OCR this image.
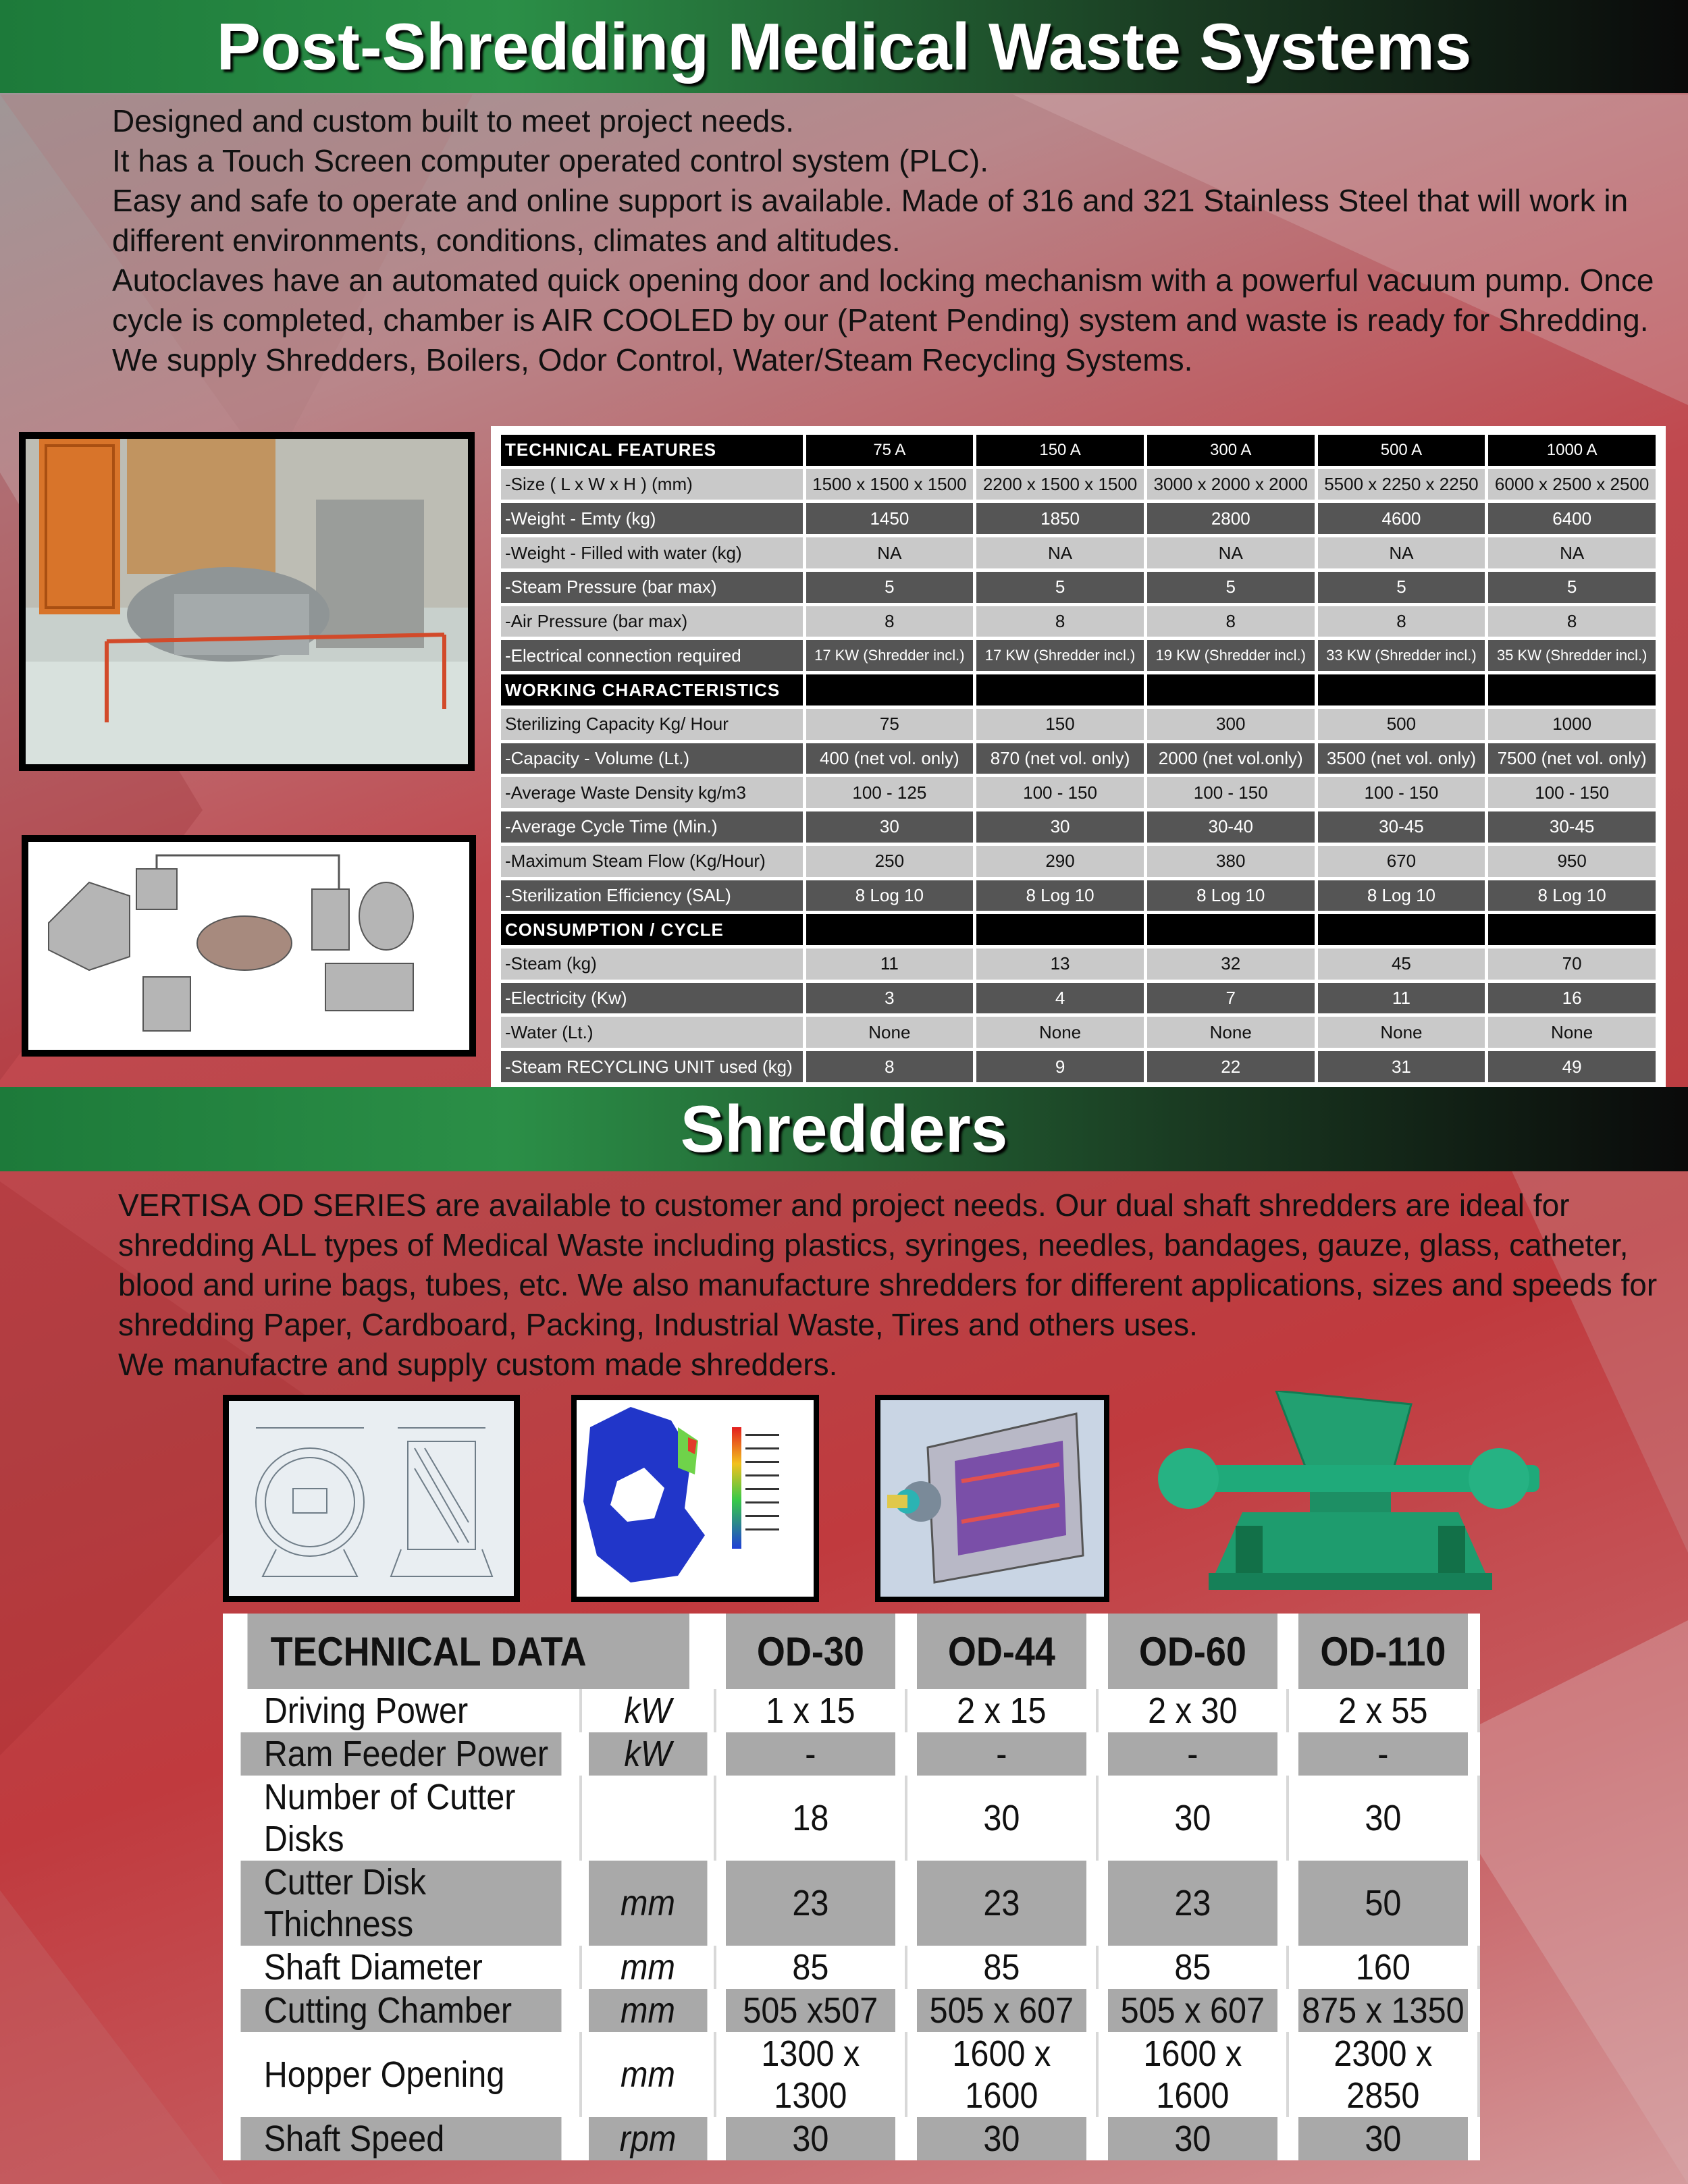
Post-Shredding Medical Waste Systems

Designed and custom built to meet project needs.

It has a Touch Screen computer operated control system (PLC).

Easy and safe to operate and online support is available. Made of 316 and 321 Stainless Steel that will work in different environments, conditions, climates and altitudes.

Autoclaves have an automated quick opening door and locking mechanism with a powerful vacuum pump. Once cycle is completed, chamber is AIR COOLED by our (Patent Pending) system and waste is ready for Shredding.

We supply Shredders, Boilers, Odor Control, Water/Steam Recycling Systems.

TECHNICAL FEATURES	75 A	150 A	300 A	500 A	1000 A
-Size ( L x W x H ) (mm)	1500 x 1500 x 1500	2200 x 1500 x 1500	3000 x 2000 x 2000	5500 x 2250 x 2250	6000 x 2500 x 2500
-Weight - Emty (kg)	1450	1850	2800	4600	6400
-Weight - Filled with water (kg)	NA	NA	NA	NA	NA
-Steam Pressure (bar max)	5	5	5	5	5
-Air Pressure (bar max)	8	8	8	8	8
-Electrical connection required	17 KW (Shredder incl.)	17 KW (Shredder incl.)	19 KW (Shredder incl.)	33 KW (Shredder incl.)	35 KW (Shredder incl.)
WORKING CHARACTERISTICS					
Sterilizing Capacity Kg/ Hour	75	150	300	500	1000
-Capacity - Volume (Lt.)	400 (net vol. only)	870 (net vol. only)	2000 (net vol.only)	3500 (net vol. only)	7500 (net vol. only)
-Average Waste Density kg/m3	100 - 125	100 - 150	100 - 150	100 - 150	100 - 150
-Average Cycle Time (Min.)	30	30	30-40	30-45	30-45
-Maximum Steam Flow (Kg/Hour)	250	290	380	670	950
-Sterilization Efficiency (SAL)	8 Log 10	8 Log 10	8 Log 10	8 Log 10	8 Log 10
CONSUMPTION / CYCLE					
-Steam (kg)	11	13	32	45	70
-Electricity (Kw)	3	4	7	11	16
-Water (Lt.)	None	None	None	None	None
-Steam RECYCLING UNIT used (kg)	8	9	22	31	49
Shredders

VERTISA OD SERIES are available to customer and project needs. Our dual shaft shredders are ideal for shredding ALL types of Medical Waste including plastics, syringes, needles, bandages, gauze, glass, catheter, blood and urine bags, tubes, etc. We also manufacture shredders for different applications, sizes and speeds for shredding Paper, Cardboard, Packing, Industrial Waste, Tires and others uses.

We manufactre and supply custom made shredders.

TECHNICAL DATA		OD-30	OD-44	OD-60	OD-110
Driving Power	kW	1 x 15	2 x 15	2 x 30	2 x 55
Ram Feeder Power	kW	-	-	-	-
Number of Cutter Disks		18	30	30	30
Cutter Disk Thichness	mm	23	23	23	50
Shaft Diameter	mm	85	85	85	160
Cutting Chamber	mm	505 x507	505 x 607	505 x 607	875 x 1350
Hopper Opening	mm	1300 x 1300	1600 x 1600	1600 x 1600	2300 x 2850
Shaft Speed	rpm	30	30	30	30
